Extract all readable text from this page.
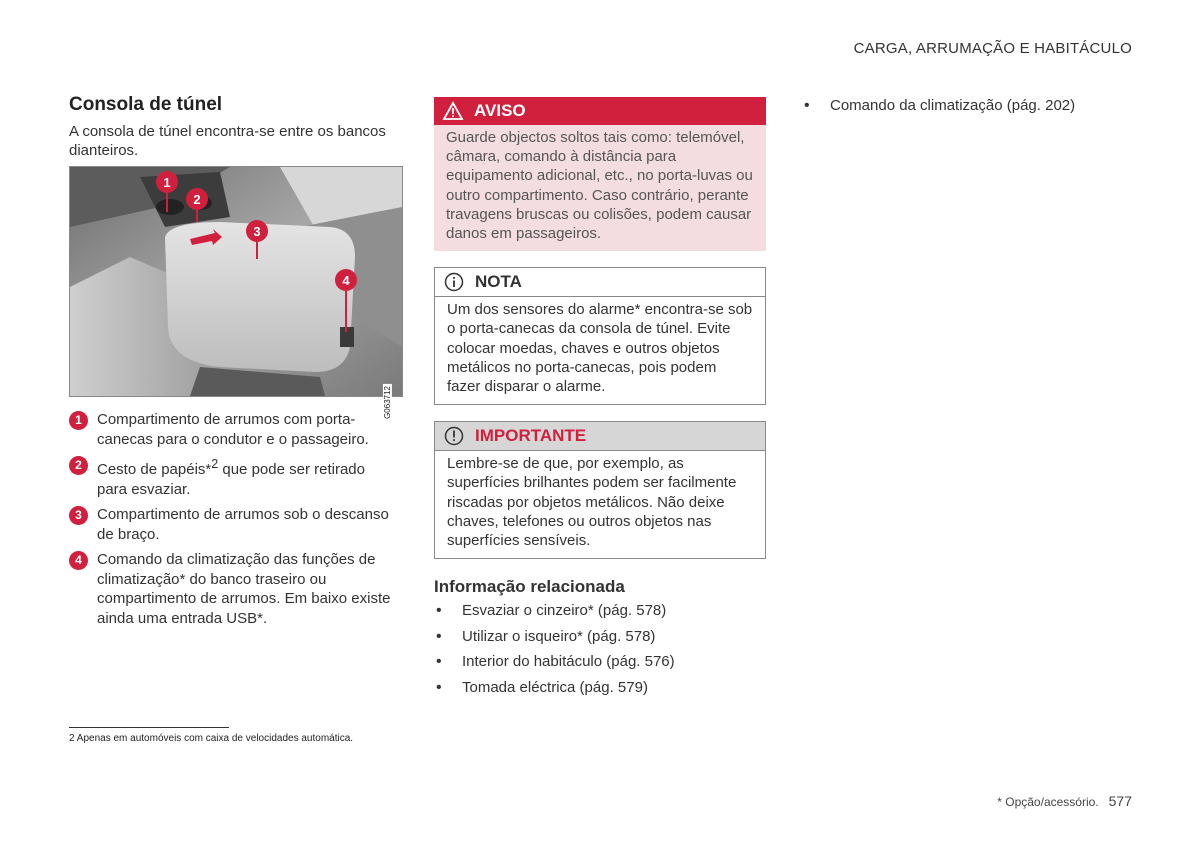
CARGA, ARRUMAÇÃO E HABITÁCULO
Consola de túnel

A consola de túnel encontra-se entre os bancos dianteiros.

1
2
3
4
G063712
1	Compartimento de arrumos com porta-canecas para o condutor e o passageiro.
2	Cesto de papéis*$^2$ que pode ser retirado para esvaziar.
3	Compartimento de arrumos sob o descanso de braço.
4	Comando da climatização das funções de climatização* do banco traseiro ou compartimento de arrumos. Em baixo existe ainda uma entrada USB*.
AVISO
Guarde objectos soltos tais como: telemóvel, câmara, comando à distância para equipamento adicional, etc., no porta-luvas ou outro compartimento. Caso contrário, perante travagens bruscas ou colisões, podem causar danos em passageiros.
NOTA
Um dos sensores do alarme* encontra-se sob o porta-canecas da consola de túnel. Evite colocar moedas, chaves e outros objetos metálicos no porta-canecas, pois podem fazer disparar o alarme.
IMPORTANTE
Lembre-se de que, por exemplo, as superfícies brilhantes podem ser facilmente riscadas por objetos metálicos. Não deixe chaves, telefones ou outros objetos nas superfícies sensíveis.
Informação relacionada
• Esvaziar o cinzeiro* (pág. 578)
• Utilizar o isqueiro* (pág. 578)
• Interior do habitáculo (pág. 576)
• Tomada eléctrica (pág. 579)
• Comando da climatização (pág. 202)
2 Apenas em automóveis com caixa de velocidades automática.
* Opção/acessório. 577
